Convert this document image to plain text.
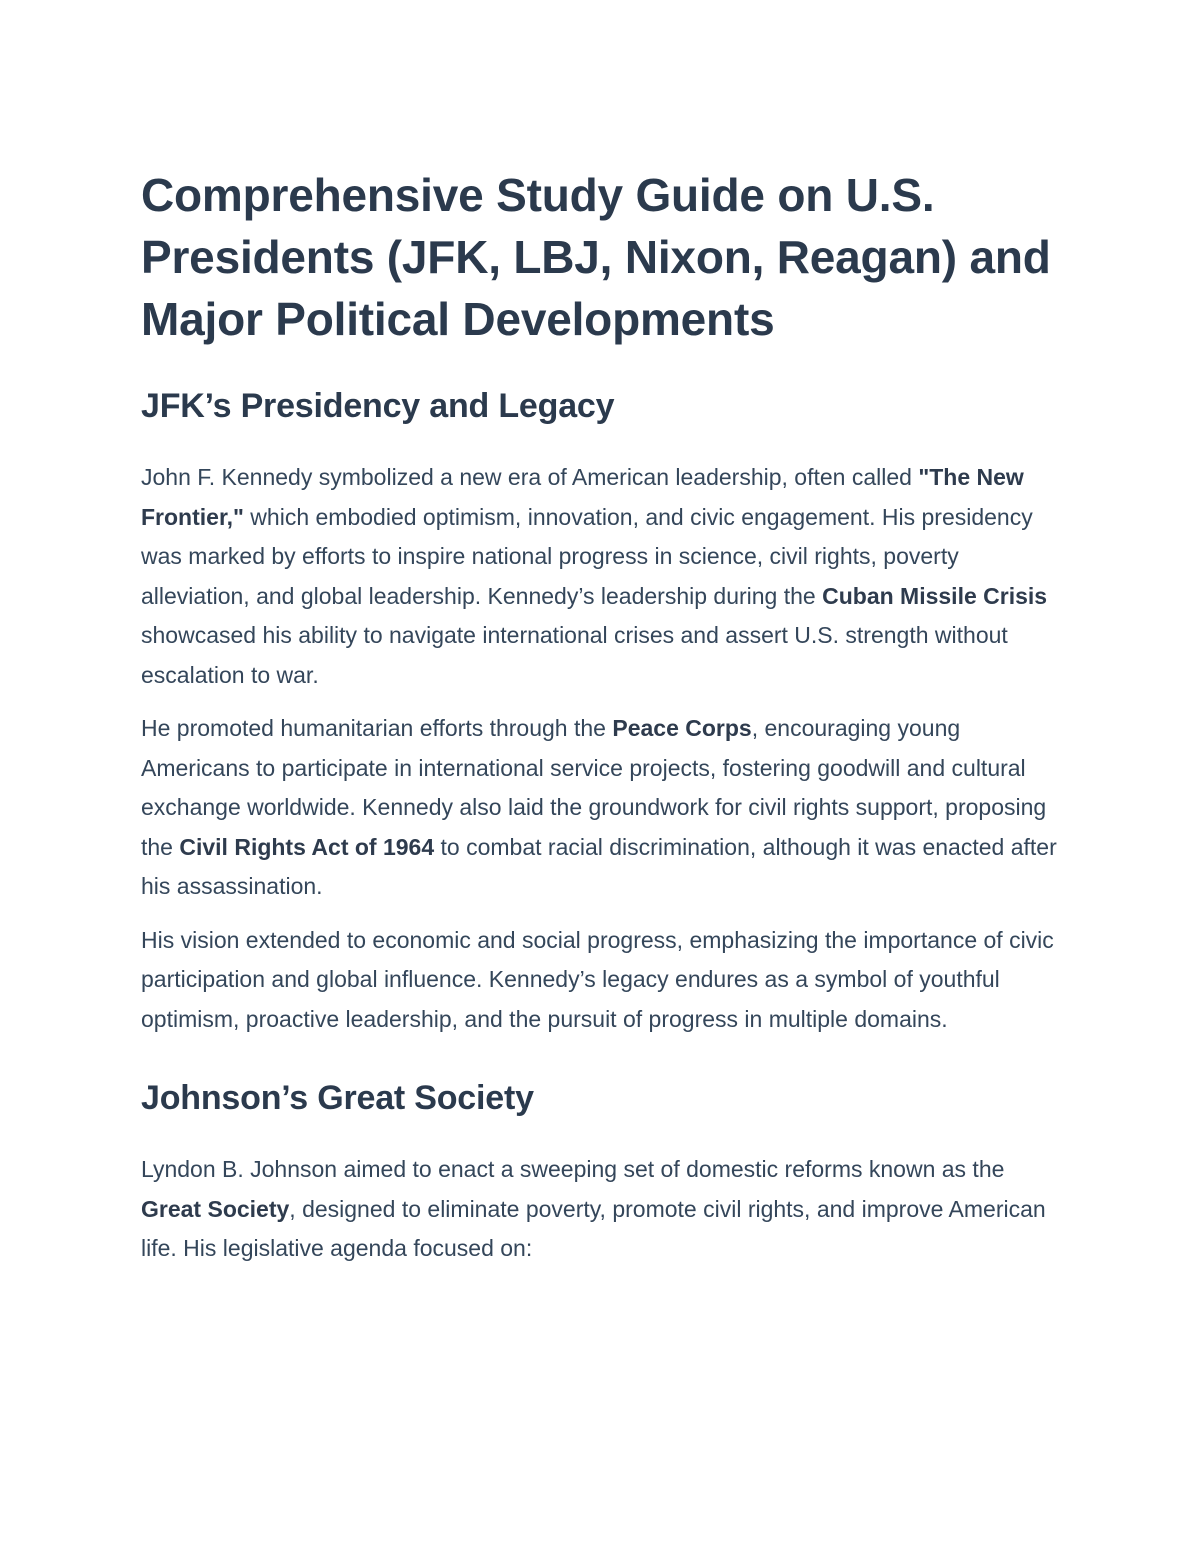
Comprehensive Study Guide on U.S. Presidents (JFK, LBJ, Nixon, Reagan) and Major Political Developments
JFK’s Presidency and Legacy

John F. Kennedy symbolized a new era of American leadership, often called "The New Frontier," which embodied optimism, innovation, and civic engagement. His presidency was marked by efforts to inspire national progress in science, civil rights, poverty alleviation, and global leadership. Kennedy’s leadership during the Cuban Missile Crisis showcased his ability to navigate international crises and assert U.S. strength without escalation to war.

He promoted humanitarian efforts through the Peace Corps, encouraging young Americans to participate in international service projects, fostering goodwill and cultural exchange worldwide. Kennedy also laid the groundwork for civil rights support, proposing the Civil Rights Act of 1964 to combat racial discrimination, although it was enacted after his assassination.

His vision extended to economic and social progress, emphasizing the importance of civic participation and global influence. Kennedy’s legacy endures as a symbol of youthful optimism, proactive leadership, and the pursuit of progress in multiple domains.

Johnson’s Great Society

Lyndon B. Johnson aimed to enact a sweeping set of domestic reforms known as the Great Society, designed to eliminate poverty, promote civil rights, and improve American life. His legislative agenda focused on:
